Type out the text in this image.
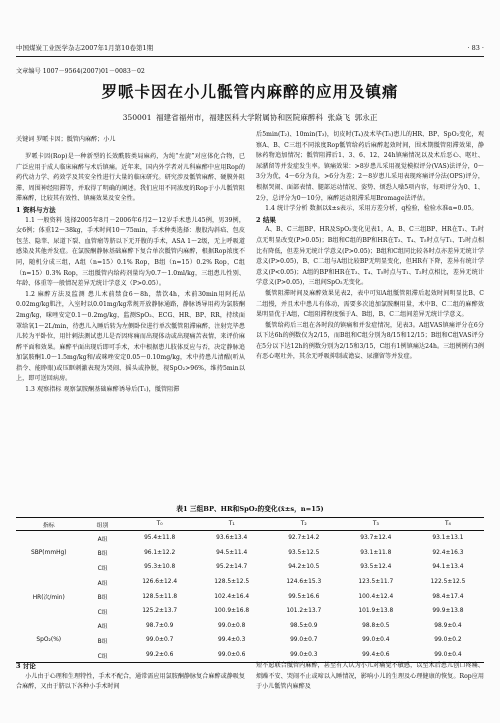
中国煤炭工业医学杂志2007年1月第10卷第1期	· 83 ·
文章编号 1007－9564(2007)01－0083－02
罗哌卡因在小儿骶管内麻醉的应用及镇痛
350001 福建省福州市，福建医科大学附属协和医院麻醉科 张焱飞 郭永正
关键词 罗哌卡因；骶管内麻醉；小儿

罗哌卡因(Rop)是一种新型的长效酰胺类局麻药，为纯“左旋”对应体化合物，已广泛应用于成人临床麻醉与术后镇痛。近年来，国内外学者对儿科麻醉中应用Rop的药代动力学、药效学及其安全性进行大量的临床研究。研究涉及骶管麻醉、硬膜外阻滞、周围神经阻滞等，并取得了明确的阐述。我们应用不同浓度的Rop于小儿骶管阻滞麻醉，比较其有效性、镇痛效果及安全性。

1 资料与方法

1.1 一般资料 选择2005年8月－2006年6月2～12岁手术患儿45例，男39例，女6例；体重12～38kg，手术时间10～75min，手术种类选择：腹股沟斜疝、包皮包茎、隐睾、尿道下裂、血管瘤等脐以下无开腹的手术，ASA 1～2级，无上呼吸道感染及其他并发症。在氯胺酮静脉基础麻醉下复合单次骶管内麻醉，根据Rop浓度不同，随机分成三组，A组（n=15）0.1% Rop，B组（n=15）0.2% Rop，C组（n=15）0.3% Rop，三组骶管内给药剂量均为0.7～1.0ml/kg，三组患儿性别、年龄、体重等一般情况差异无统计学意义（P>0.05）。

1.2 麻醉方法及监测 患儿术前禁食6～8h，禁饮4h，术前30min用阿托品0.02mg/kg肌注，入室时以0.01mg/kg常规开放静脉通路，静脉诱导用药为氯胺酮2mg/kg，咪唑安定0.1～0.2mg/kg，监测SpO₂、ECG、HR、BP、RR，持续面罩给氧1～2L/min，待患儿入睡后转为左侧卧位进行单次骶管阻滞麻醉，注射完毕患儿转为平卧位，用针刺法测试患儿是否因疼痛而出现体动或出现痛苦表情，来评价麻醉平面和效果。麻醉平面出现后即可手术，术中根据患儿肢体反应与否，决定静脉追加氯胺酮1.0～1.5mg/kg和/或咪唑安定0.05～0.10mg/kg，术中持患儿清醒(听从指令、能睁眼)或压眶刺激表现为哭闹、摇头或挣脱，视SpO₂>96%，维持5min以上，即可送回病房。

1.3 观察指标 观察氯胺酮基础麻醉诱导后(T₁)，骶管阻滞

后5min(T₂)、10min(T₃)，切皮时(T₄)及术毕(T₅)患儿的HR、BP、SpO₂变化，观察A、B、C三组不同浓度Rop骶管给药后麻醉起效时间，围术期骶管阻滞效果，静脉药物追加情况；骶管阻滞后1、3、6、12、24h镇痛情况以及术后恶心、呕吐、尿潴留等并发症发生率。镇痛效果：>8岁患儿采用视觉模拟评分(VAS)法评分，0～3分为优，4～6分为良，>6分为差；2～8岁患儿采用表现疼痛评分法(OPS)评分，根据哭闹、面部表情、腿部运动情况、姿势、烦恐人噪5项内容，每项评分为0、1、2分，总评分为0～10分，麻醉运动阻滞采用Bromage法评估。

1.4 统计学分析 数据以x̄±s表示，采用方差分析，q检验，检验水准α=0.05。

2 结果

A、B、C三组BP、HR及SpO₂变化见表1，A、B、C三组BP、HR在T₁、T₂时点无明显改变(P>0.05)；B组和C组的BP和HR在T₃、T₄、T₅时点与T₁、T₂时点相比有降低，但差异无统计学意义(P>0.05)；B组和C组同比较各时点亦差异无统计学意义(P>0.05)，B、C二组与A组比较BP无明显变化，但HR有下降，差异有统计学意义(P<0.05)；A组的BP和HR在T₃、T₄、T₅时点与T₁、T₂时点相比，差异无统计学意义(P>0.05)，三组间SpO₂无变化。

骶管阻滞时间及麻醉效果见表2，表中可知A组骶管阻滞后起效时间明显比B、C二组慢，并且术中患儿有体动，需要多次追加氯胺酮用量，术中B、C二组的麻醉效果明显优于A组，C组阻滞程度强于A、B组，B、C二组间差异无统计学意义。

骶管给药后三组在各时段的镇痛和并发症情况，见表3。A组VAS镇痛评分在6分以下达6h的例数仅为2/15，而B组和C组分别为8/15和12/15；B组和C组VAS评分在5分以下达12h的例数分别为2/15和3/15，C组有1例镇痛达24h。三组例例有3例有恶心呕吐外，其余无呼吸抑制或谵妄、尿潴留等并发症。

表1 三组BP、HR和SpO₂的变化(x̄±s，n=15)
指标	组别	T₀	T₁	T₂	T₃	T₄
	A组	95.4±11.8	93.6±13.4	92.7±14.2	93.7±12.4	93.1±13.1
SBP(mmHg)	B组	96.1±12.2	94.5±11.4	93.5±12.5	93.1±11.8	92.4±16.3
	C组	95.3±10.8	95.2±14.7	94.2±10.5	93.5±12.4	94.1±13.4
	A组	126.6±12.4	128.5±12.5	124.6±15.3	123.5±11.7	122.5±12.5
HR(次/min)	B组	128.5±11.8	102.4±16.4	99.5±16.6	100.4±12.4	98.4±17.4
	C组	125.2±13.7	100.9±16.8	101.2±13.7	101.9±13.8	99.9±13.8
	A组	98.7±0.9	99.0±0.8	98.5±0.9	98.8±0.5	98.9±0.4
SpO₂(%)	B组	99.0±0.7	99.4±0.3	99.0±0.7	99.0±0.4	99.0±0.2
	C组	99.2±0.6	99.0±0.6	99.0±0.3	99.4±0.6	99.0±0.4
3 讨论

小儿由于心理和生理特性，手术不配合，通常需应用氯胺酮静脉复合麻醉或静吸复合麻醉，又由于脐以下各种小手术时间

短不愿联合骶管内麻醉，甚至有人认为小儿对痛觉不敏感，以至术后患儿创口疼痛、烦躁不安、哭闹不止或啼以入睡情况，影响小儿的生理及心理健康的恢复。Rop应用于小儿骶管内麻醉及
